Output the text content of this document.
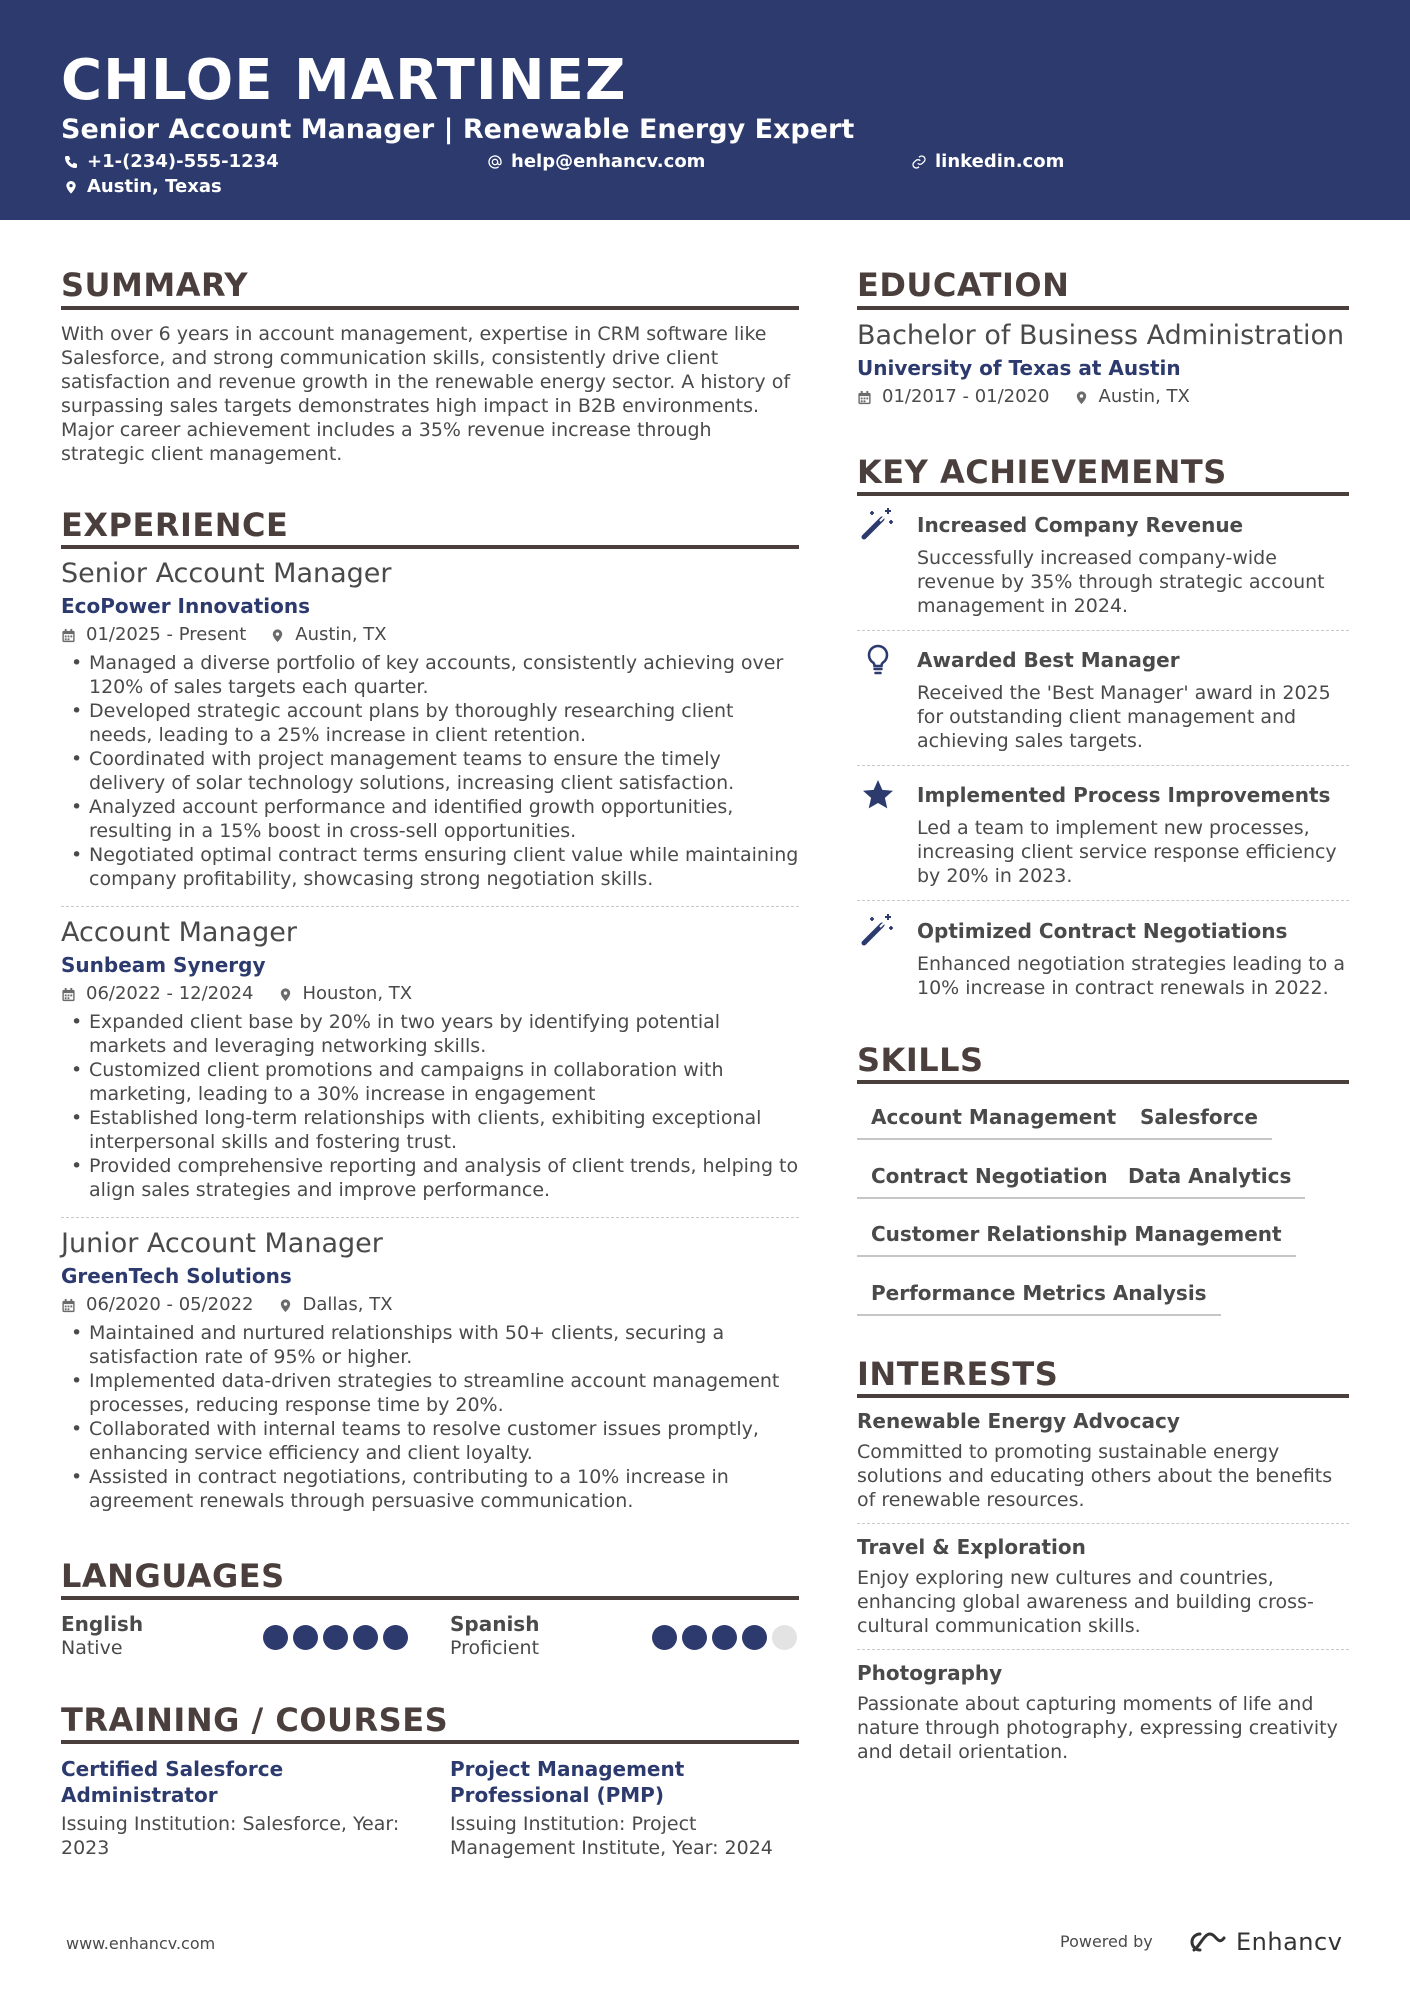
CHLOE MARTINEZ
Senior Account Manager | Renewable Energy Expert
+1-(234)-555-1234	help@enhancv.com	linkedin.com
Austin, Texas
SUMMARY
With over 6 years in account management, expertise in CRM software like Salesforce, and strong communication skills, consistently drive client satisfaction and revenue growth in the renewable energy sector. A history of surpassing sales targets demonstrates high impact in B2B environments. Major career achievement includes a 35% revenue increase through strategic client management.
EXPERIENCE
Senior Account Manager
EcoPower Innovations
01/2025 - Present	Austin, TX
• Managed a diverse portfolio of key accounts, consistently achieving over 120% of sales targets each quarter.
• Developed strategic account plans by thoroughly researching client needs, leading to a 25% increase in client retention.
• Coordinated with project management teams to ensure the timely delivery of solar technology solutions, increasing client satisfaction.
• Analyzed account performance and identified growth opportunities, resulting in a 15% boost in cross-sell opportunities.
• Negotiated optimal contract terms ensuring client value while maintaining company profitability, showcasing strong negotiation skills.
Account Manager
Sunbeam Synergy
06/2022 - 12/2024	Houston, TX
• Expanded client base by 20% in two years by identifying potential markets and leveraging networking skills.
• Customized client promotions and campaigns in collaboration with marketing, leading to a 30% increase in engagement
• Established long-term relationships with clients, exhibiting exceptional interpersonal skills and fostering trust.
• Provided comprehensive reporting and analysis of client trends, helping to align sales strategies and improve performance.
Junior Account Manager
GreenTech Solutions
06/2020 - 05/2022	Dallas, TX
• Maintained and nurtured relationships with 50+ clients, securing a satisfaction rate of 95% or higher.
• Implemented data-driven strategies to streamline account management processes, reducing response time by 20%.
• Collaborated with internal teams to resolve customer issues promptly, enhancing service efficiency and client loyalty.
• Assisted in contract negotiations, contributing to a 10% increase in agreement renewals through persuasive communication.
LANGUAGES
English
Native
Spanish
Proficient
TRAINING / COURSES
Certified Salesforce Administrator
Issuing Institution: Salesforce, Year: 2023
Project Management Professional (PMP)
Issuing Institution: Project Management Institute, Year: 2024
EDUCATION
Bachelor of Business Administration
University of Texas at Austin
01/2017 - 01/2020	Austin, TX
KEY ACHIEVEMENTS
Increased Company Revenue
Successfully increased company-wide revenue by 35% through strategic account management in 2024.
Awarded Best Manager
Received the 'Best Manager' award in 2025 for outstanding client management and achieving sales targets.
Implemented Process Improvements
Led a team to implement new processes, increasing client service response efficiency by 20% in 2023.
Optimized Contract Negotiations
Enhanced negotiation strategies leading to a 10% increase in contract renewals in 2022.
SKILLS
Account Management	Salesforce
Contract Negotiation	Data Analytics
Customer Relationship Management
Performance Metrics Analysis
INTERESTS
Renewable Energy Advocacy
Committed to promoting sustainable energy solutions and educating others about the benefits of renewable resources.
Travel & Exploration
Enjoy exploring new cultures and countries, enhancing global awareness and building cross-cultural communication skills.
Photography
Passionate about capturing moments of life and nature through photography, expressing creativity and detail orientation.
www.enhancv.com	Powered by	Enhancv
